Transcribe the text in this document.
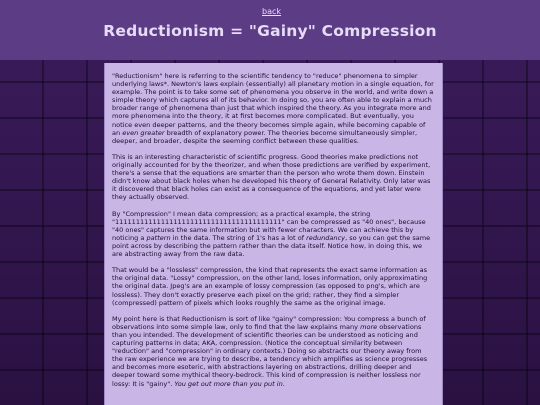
back
Reductionism = "Gainy" Compression

"Reductionism" here is referring to the scientific tendency to "reduce" phenomena to simpler underlying laws*. Newton's laws explain (essentially) all planetary motion in a single equation, for example. The point is to take some set of phenomena you observe in the world, and write down a simple theory which captures all of its behavior. In doing so, you are often able to explain a much broader range of phenomena than just that which inspired the theory. As you integrate more and more phenomena into the theory, it at first becomes more complicated. But eventually, you notice even deeper patterns, and the theory becomes simple again, while becoming capable of an even greater breadth of explanatory power. The theories become simultaneously simpler, deeper, and broader, despite the seeming conflict between these qualities.

This is an interesting characteristic of scientific progress. Good theories make predictions not originally accounted for by the theorizer, and when those predictions are verified by experiment, there's a sense that the equations are smarter than the person who wrote them down. Einstein didn't know about black holes when he developed his theory of General Relativity. Only later was it discovered that black holes can exist as a consequence of the equations, and yet later were they actually observed.

By "Compression" I mean data compression; as a practical example, the string "1111111111111111111111111111111111111111" can be compressed as "40 ones", because "40 ones" captures the same information but with fewer characters. We can achieve this by noticing a pattern in the data. The string of 1's has a lot of redundancy, so you can get the same point across by describing the pattern rather than the data itself. Notice how, in doing this, we are abstracting away from the raw data.

That would be a "lossless" compression, the kind that represents the exact same information as the original data. "Lossy" compression, on the other land, loses information, only approximating the original data. Jpeg's are an example of lossy compression (as opposed to png's, which are lossless). They don't exactly preserve each pixel on the grid; rather, they find a simpler (compressed) pattern of pixels which looks roughly the same as the original image.

My point here is that Reductionism is sort of like "gainy" compression: You compress a bunch of observations into some simple law, only to find that the law explains many more observations than you intended. The development of scientific theories can be understood as noticing and capturing patterns in data; AKA, compression. (Notice the conceptual similarity between "reduction" and "compression" in ordinary contexts.) Doing so abstracts our theory away from the raw experience we are trying to describe, a tendency which amplifies as science progresses and becomes more esoteric, with abstractions layering on abstractions, drilling deeper and deeper toward some mythical theory-bedrock. This kind of compression is neither lossless nor lossy: It is "gainy". You get out more than you put in.
